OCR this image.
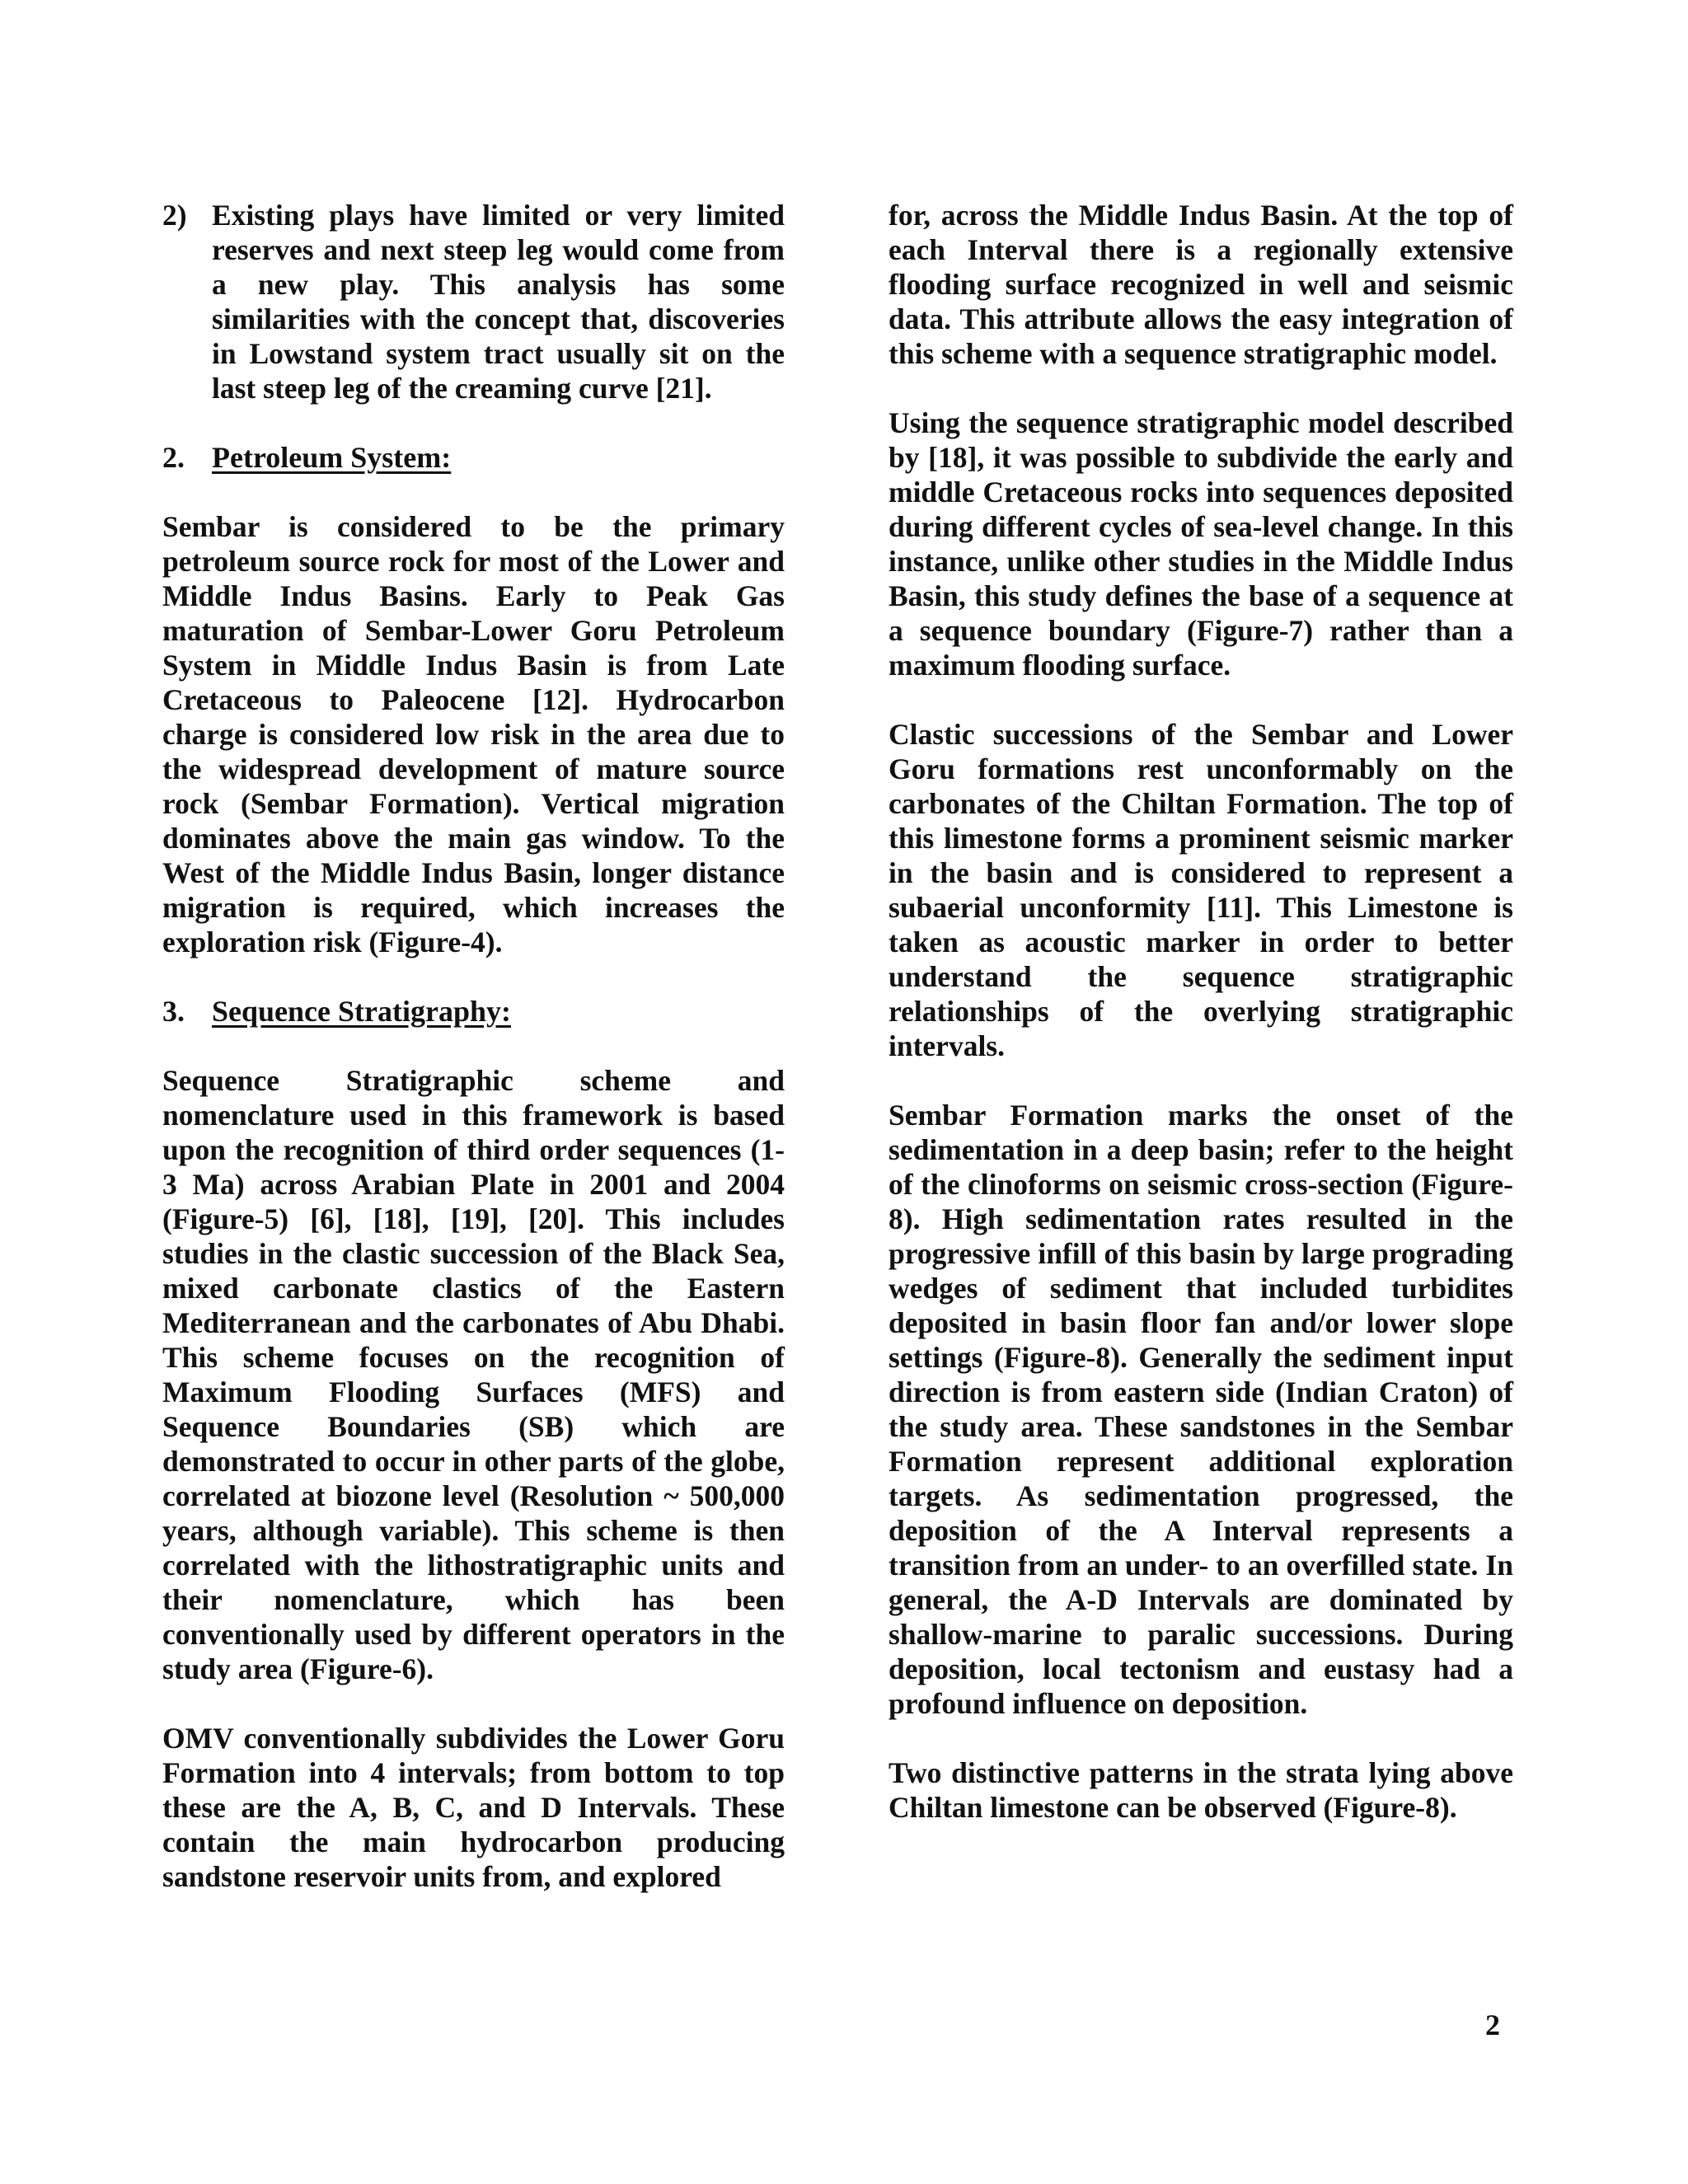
2) Existing plays have limited or very limited reserves and next steep leg would come from a new play. This analysis has some similarities with the concept that, discoveries in Lowstand system tract usually sit on the last steep leg of the creaming curve [21].
2. Petroleum System:

Sembar is considered to be the primary petroleum source rock for most of the Lower and Middle Indus Basins. Early to Peak Gas maturation of Sembar-Lower Goru Petroleum System in Middle Indus Basin is from Late Cretaceous to Paleocene [12]. Hydrocarbon charge is considered low risk in the area due to the widespread development of mature source rock (Sembar Formation). Vertical migration dominates above the main gas window. To the West of the Middle Indus Basin, longer distance migration is required, which increases the exploration risk (Figure-4).

3. Sequence Stratigraphy:

Sequence Stratigraphic scheme and nomenclature used in this framework is based upon the recognition of third order sequences (1-3 Ma) across Arabian Plate in 2001 and 2004 (Figure-5) [6], [18], [19], [20]. This includes studies in the clastic succession of the Black Sea, mixed carbonate clastics of the Eastern Mediterranean and the carbonates of Abu Dhabi. This scheme focuses on the recognition of Maximum Flooding Surfaces (MFS) and Sequence Boundaries (SB) which are demonstrated to occur in other parts of the globe, correlated at biozone level (Resolution ~ 500,000 years, although variable). This scheme is then correlated with the lithostratigraphic units and their nomenclature, which has been conventionally used by different operators in the study area (Figure-6).

OMV conventionally subdivides the Lower Goru Formation into 4 intervals; from bottom to top these are the A, B, C, and D Intervals. These contain the main hydrocarbon producing sandstone reservoir units from, and explored

for, across the Middle Indus Basin. At the top of each Interval there is a regionally extensive flooding surface recognized in well and seismic data. This attribute allows the easy integration of this scheme with a sequence stratigraphic model.

Using the sequence stratigraphic model described by [18], it was possible to subdivide the early and middle Cretaceous rocks into sequences deposited during different cycles of sea-level change. In this instance, unlike other studies in the Middle Indus Basin, this study defines the base of a sequence at a sequence boundary (Figure-7) rather than a maximum flooding surface.

Clastic successions of the Sembar and Lower Goru formations rest unconformably on the carbonates of the Chiltan Formation. The top of this limestone forms a prominent seismic marker in the basin and is considered to represent a subaerial unconformity [11]. This Limestone is taken as acoustic marker in order to better understand the sequence stratigraphic relationships of the overlying stratigraphic intervals.

Sembar Formation marks the onset of the sedimentation in a deep basin; refer to the height of the clinoforms on seismic cross-section (Figure-8). High sedimentation rates resulted in the progressive infill of this basin by large prograding wedges of sediment that included turbidites deposited in basin floor fan and/or lower slope settings (Figure-8). Generally the sediment input direction is from eastern side (Indian Craton) of the study area. These sandstones in the Sembar Formation represent additional exploration targets. As sedimentation progressed, the deposition of the A Interval represents a transition from an under- to an overfilled state. In general, the A-D Intervals are dominated by shallow-marine to paralic successions. During deposition, local tectonism and eustasy had a profound influence on deposition.

Two distinctive patterns in the strata lying above Chiltan limestone can be observed (Figure-8).

2
